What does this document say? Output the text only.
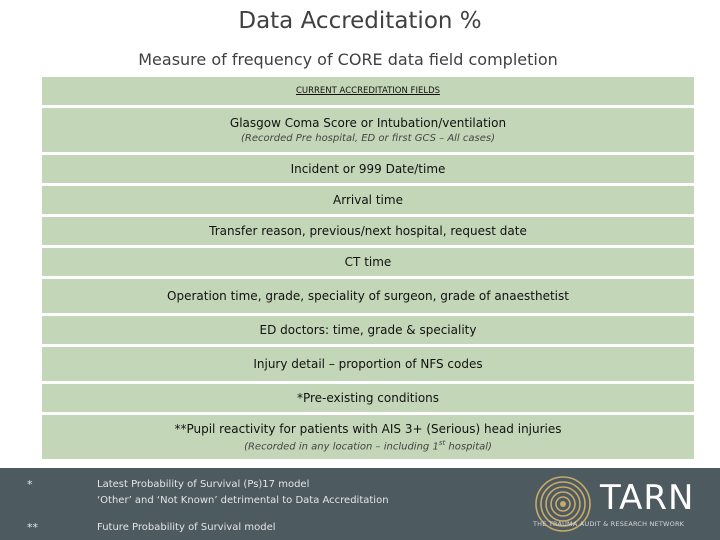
Data Accreditation %
Measure of frequency of CORE data field completion
CURRENT ACCREDITATION FIELDS
Glasgow Coma Score or Intubation/ventilation
(Recorded Pre hospital, ED or first GCS – All cases)
Incident or 999 Date/time
Arrival time
Transfer reason, previous/next hospital, request date
CT time
Operation time, grade, speciality of surgeon, grade of anaesthetist
ED doctors: time, grade & speciality
Injury detail – proportion of NFS codes
*Pre-existing conditions
**Pupil reactivity for patients with AIS 3+ (Serious) head injuries
(Recorded in any location – including 1st hospital)
*	Latest Probability of Survival (Ps)17 model
‘Other’ and ‘Not Known’ detrimental to Data Accreditation
**	Future Probability of Survival model
TARN
THE TRAUMA AUDIT & RESEARCH NETWORK
